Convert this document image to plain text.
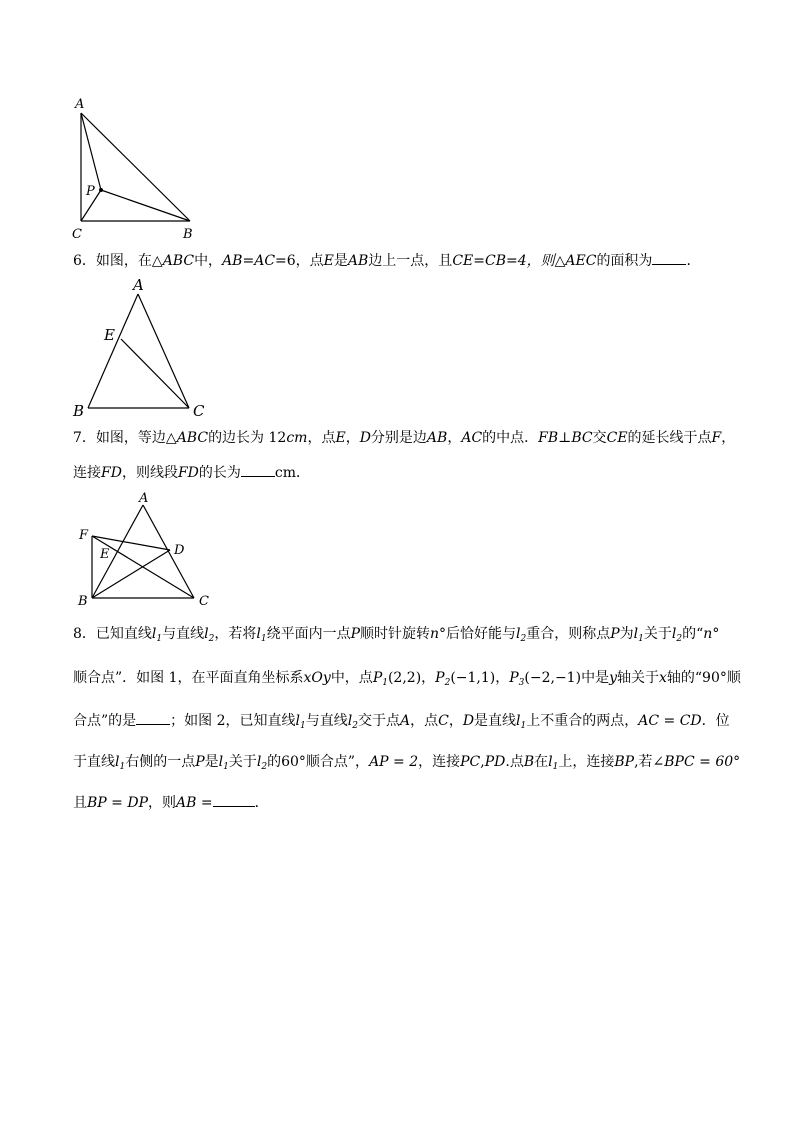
A
P
C	B
6．如图，在△ABC中，AB=AC=6，点E是AB边上一点，且CE=CB=4，则△AEC的面积为 ．
A
E
B	C
7．如图，等边△ABC的边长为 12cm，点E，D分别是边AB，AC的中点．FB⊥BC交CE的延长线于点F，
连接FD，则线段FD的长为 cm．
A
F
E	D
B	C
8．已知直线$l_1$与直线$l_2$，若将$l_1$绕平面内一点P顺时针旋转n°后恰好能与$l_2$重合，则称点P为$l_1$关于$l_2$的“n°
顺合点”．如图 1，在平面直角坐标系xOy中，点$P_1(2,2)$，$P_2(-1,1)$，$P_3(-2,-1)$中是y轴关于x轴的“90°顺
合点”的是 ；如图 2，已知直线$l_1$与直线$l_2$交于点A，点C，D是直线$l_1$上不重合的两点，AC = CD．位
于直线$l_1$右侧的一点P是$l_1$关于$l_2$的60°顺合点”，AP = 2，连接PC,PD.点B在$l_1$上，连接BP,若∠BPC = 60°
且BP = DP，则AB =	．
